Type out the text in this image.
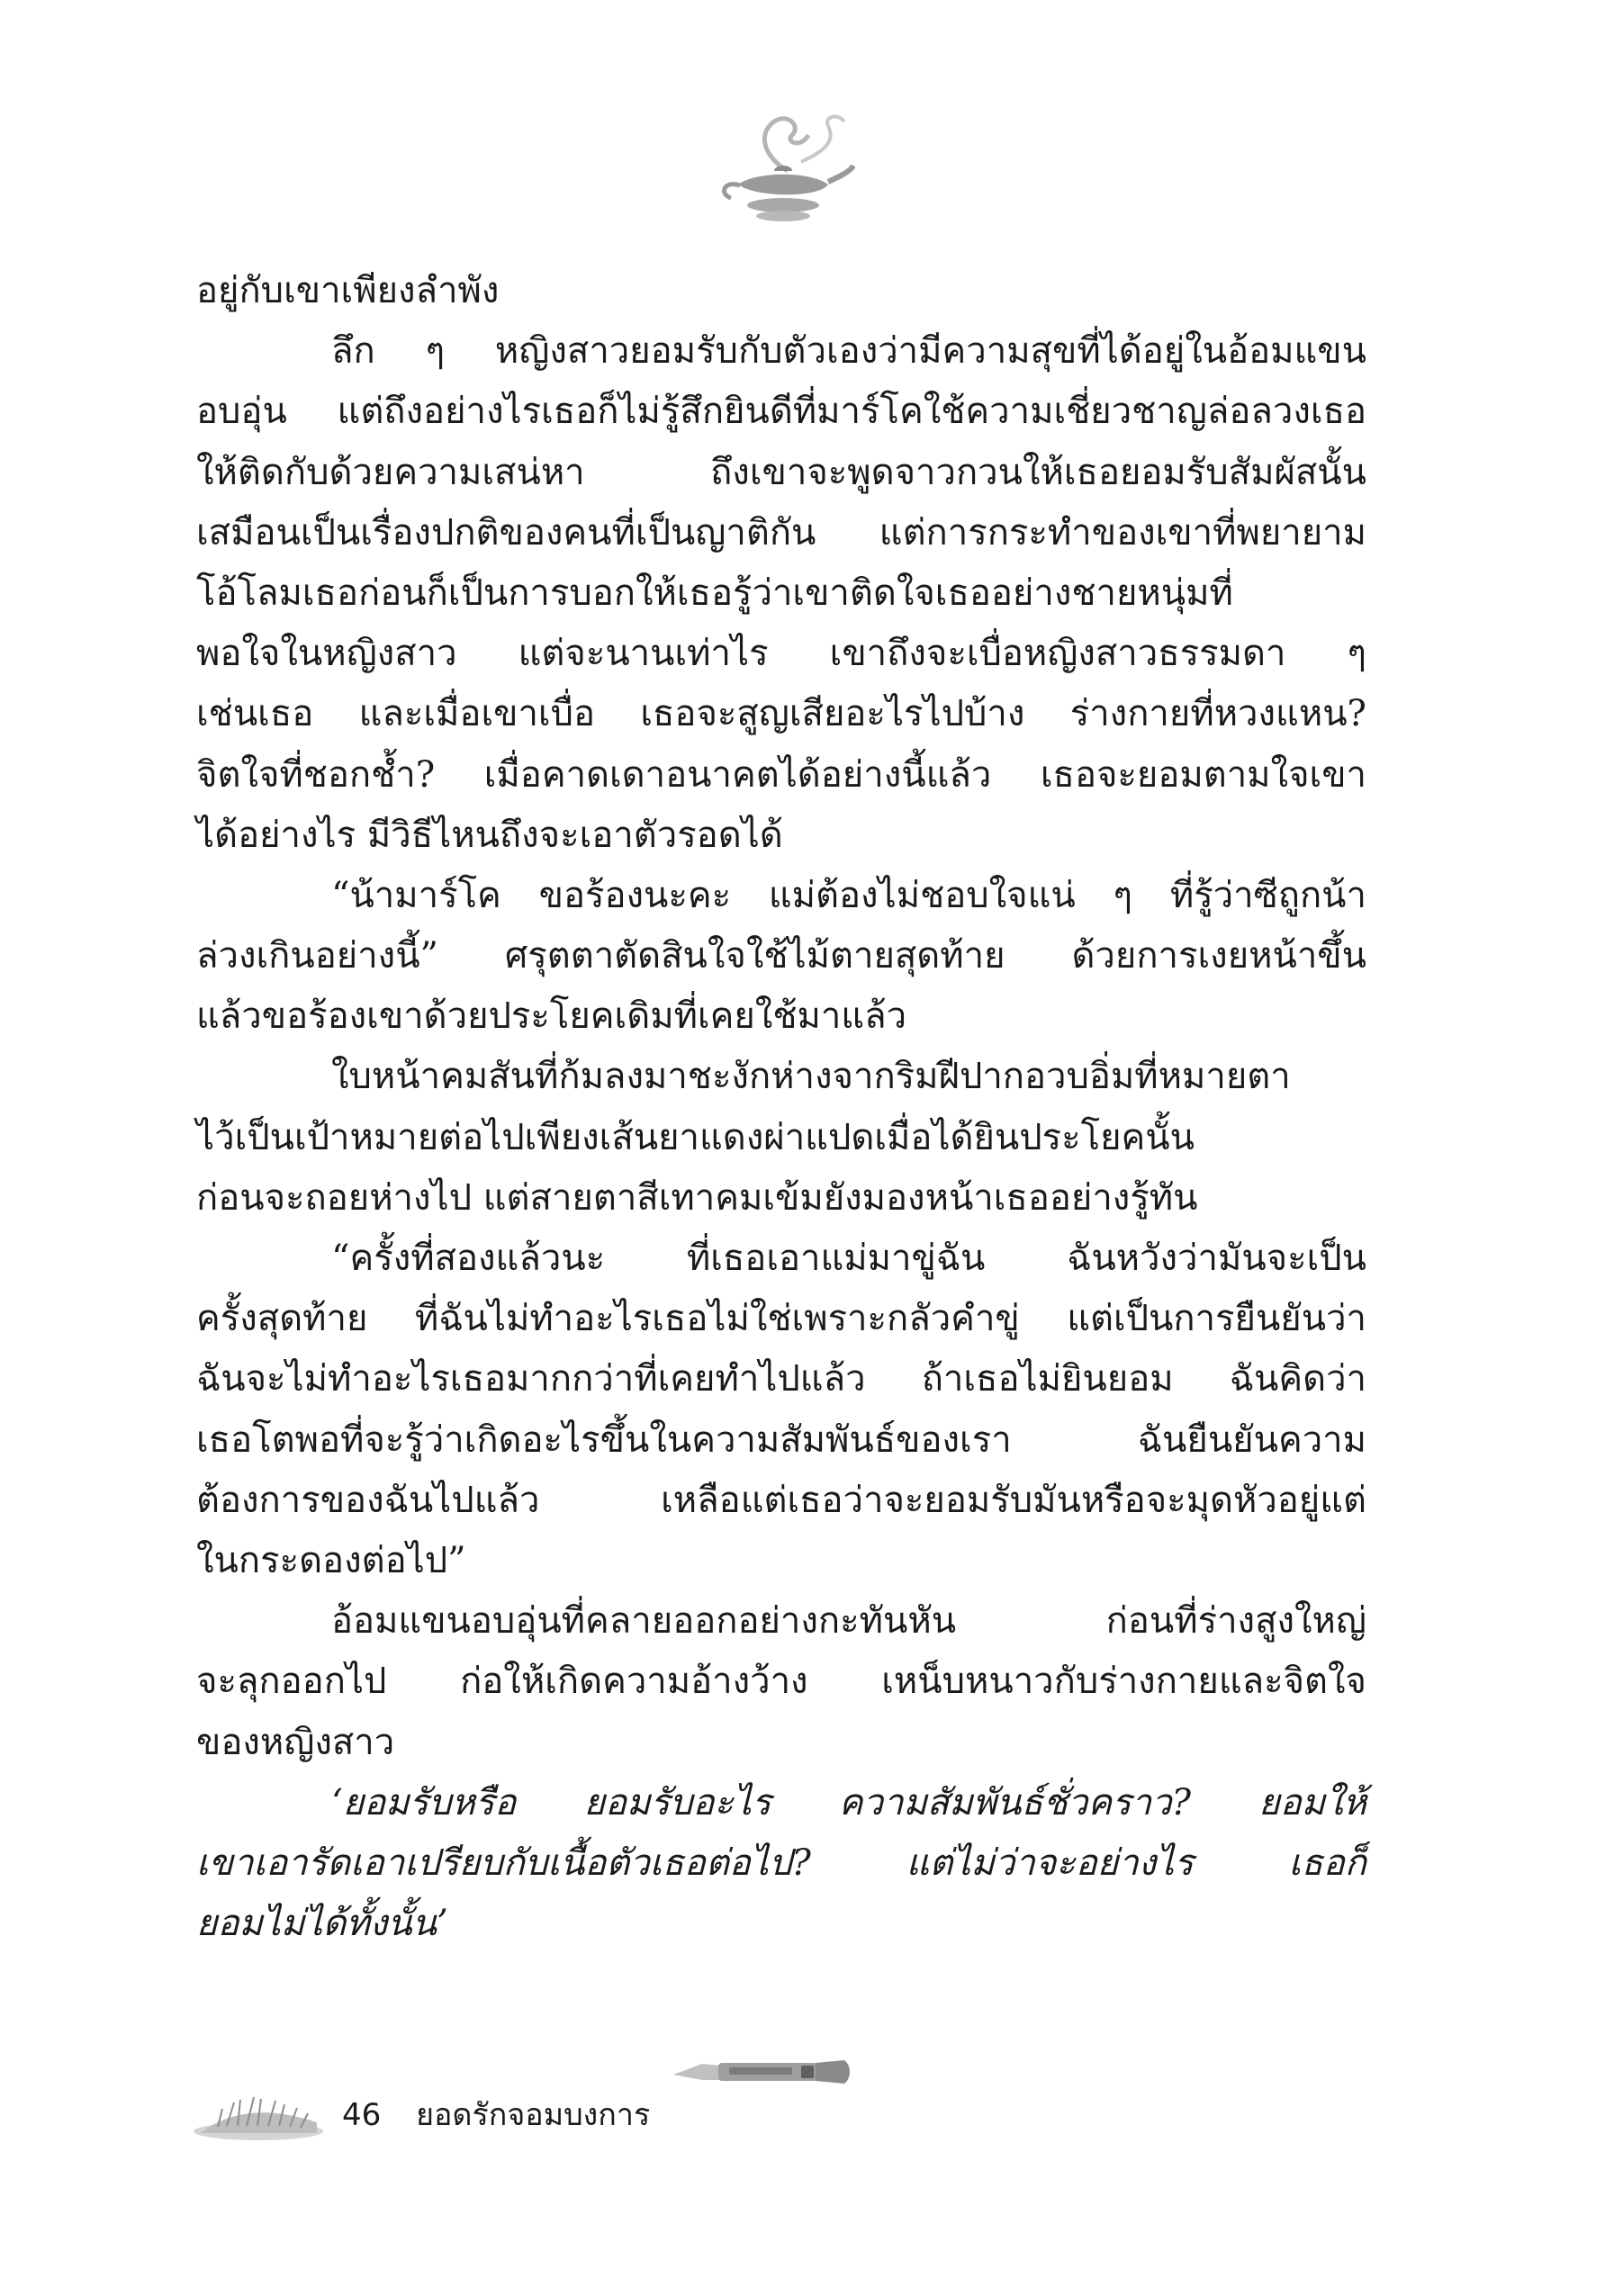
อยู่กับเขาเพียงลำพัง
ลึก ๆ หญิงสาวยอมรับกับตัวเองว่ามีความสุขที่ได้อยู่ในอ้อมแขน
อบอุ่น แต่ถึงอย่างไรเธอก็ไม่รู้สึกยินดีที่มาร์โคใช้ความเชี่ยวชาญล่อลวงเธอ
ให้ติดกับด้วยความเสน่หา ถึงเขาจะพูดจาวกวนให้เธอยอมรับสัมผัสนั้น
เสมือนเป็นเรื่องปกติของคนที่เป็นญาติกัน แต่การกระทำของเขาที่พยายาม
โอ้โลมเธอก่อนก็เป็นการบอกให้เธอรู้ว่าเขาติดใจเธออย่างชายหนุ่มที่
พอใจในหญิงสาว แต่จะนานเท่าไร เขาถึงจะเบื่อหญิงสาวธรรมดา ๆ
เช่นเธอ และเมื่อเขาเบื่อ เธอจะสูญเสียอะไรไปบ้าง ร่างกายที่หวงแหน?
จิตใจที่ชอกช้ำ? เมื่อคาดเดาอนาคตได้อย่างนี้แล้ว เธอจะยอมตามใจเขา
ได้อย่างไร มีวิธีไหนถึงจะเอาตัวรอดได้
“น้ามาร์โค ขอร้องนะคะ แม่ต้องไม่ชอบใจแน่ ๆ ที่รู้ว่าซีถูกน้า
ล่วงเกินอย่างนี้” ศรุตตาตัดสินใจใช้ไม้ตายสุดท้าย ด้วยการเงยหน้าขึ้น
แล้วขอร้องเขาด้วยประโยคเดิมที่เคยใช้มาแล้ว
ใบหน้าคมสันที่ก้มลงมาชะงักห่างจากริมฝีปากอวบอิ่มที่หมายตา
ไว้เป็นเป้าหมายต่อไปเพียงเส้นยาแดงผ่าแปดเมื่อได้ยินประโยคนั้น
ก่อนจะถอยห่างไป แต่สายตาสีเทาคมเข้มยังมองหน้าเธออย่างรู้ทัน
“ครั้งที่สองแล้วนะ ที่เธอเอาแม่มาขู่ฉัน ฉันหวังว่ามันจะเป็น
ครั้งสุดท้าย ที่ฉันไม่ทำอะไรเธอไม่ใช่เพราะกลัวคำขู่ แต่เป็นการยืนยันว่า
ฉันจะไม่ทำอะไรเธอมากกว่าที่เคยทำไปแล้ว ถ้าเธอไม่ยินยอม ฉันคิดว่า
เธอโตพอที่จะรู้ว่าเกิดอะไรขึ้นในความสัมพันธ์ของเรา ฉันยืนยันความ
ต้องการของฉันไปแล้ว เหลือแต่เธอว่าจะยอมรับมันหรือจะมุดหัวอยู่แต่
ในกระดองต่อไป”
อ้อมแขนอบอุ่นที่คลายออกอย่างกะทันหัน ก่อนที่ร่างสูงใหญ่
จะลุกออกไป ก่อให้เกิดความอ้างว้าง เหน็บหนาวกับร่างกายและจิตใจ
ของหญิงสาว
‘ยอมรับหรือ ยอมรับอะไร ความสัมพันธ์ชั่วคราว? ยอมให้
เขาเอารัดเอาเปรียบกับเนื้อตัวเธอต่อไป? แต่ไม่ว่าจะอย่างไร เธอก็
ยอมไม่ได้ทั้งนั้น’
46 ยอดรักจอมบงการ
